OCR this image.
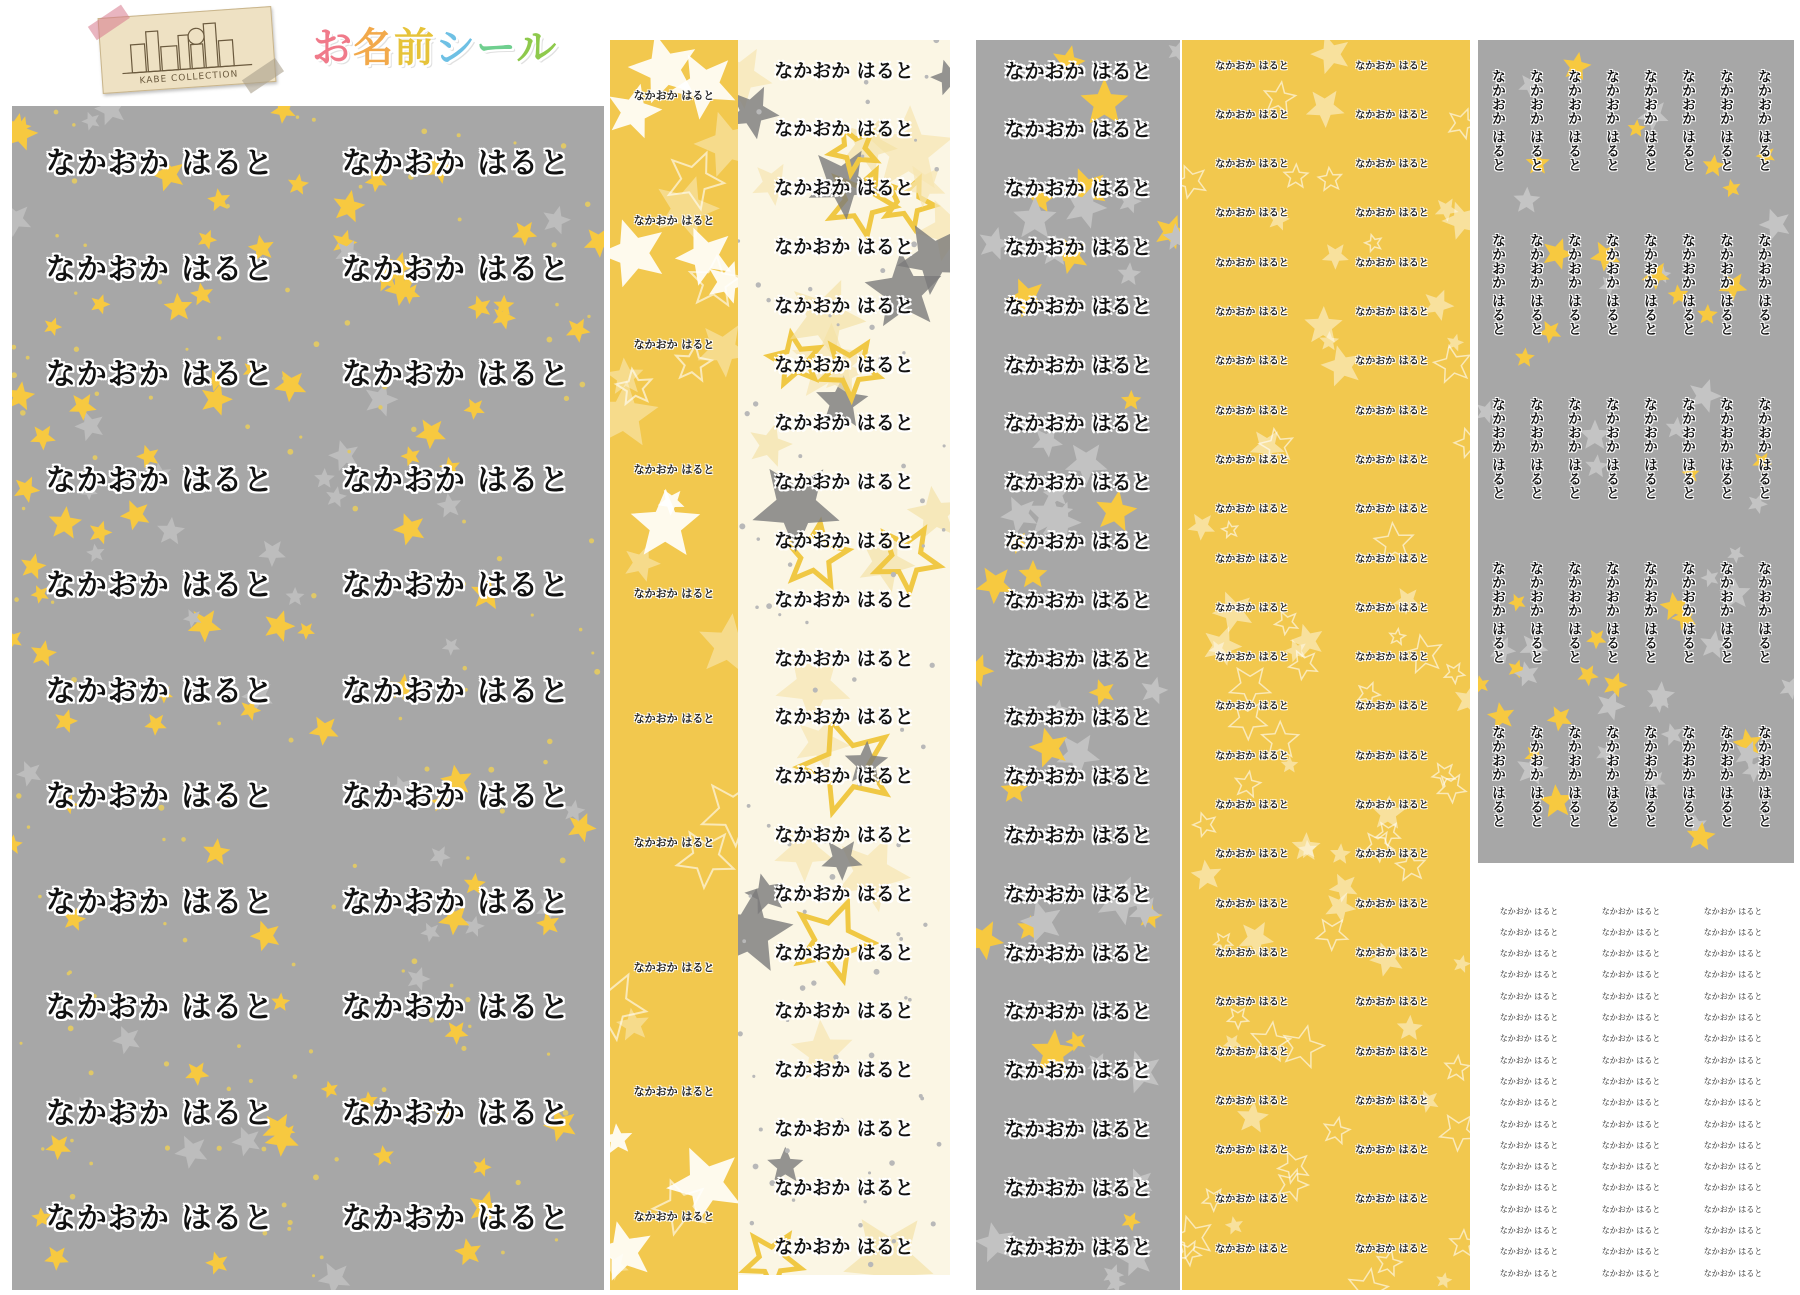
KABE COLLECTION
お名前シール
なかおか はると	なかおか はると
なかおか はると	なかおか はると
なかおか はると	なかおか はると
なかおか はると	なかおか はると
なかおか はると	なかおか はると
なかおか はると	なかおか はると
なかおか はると	なかおか はると
なかおか はると	なかおか はると
なかおか はると	なかおか はると
なかおか はると	なかおか はると
なかおか はると	なかおか はると
なかおか はると
なかおか はると
なかおか はると
なかおか はると
なかおか はると
なかおか はると
なかおか はると
なかおか はると
なかおか はると
なかおか はると
なかおか はると
なかおか はると
なかおか はると
なかおか はると
なかおか はると
なかおか はると
なかおか はると
なかおか はると
なかおか はると
なかおか はると
なかおか はると
なかおか はると
なかおか はると
なかおか はると
なかおか はると
なかおか はると
なかおか はると
なかおか はると
なかおか はると
なかおか はると
なかおか はると
なかおか はると
なかおか はると
なかおか はると
なかおか はると
なかおか はると
なかおか はると
なかおか はると
なかおか はると
なかおか はると
なかおか はると
なかおか はると
なかおか はると
なかおか はると
なかおか はると
なかおか はると
なかおか はると
なかおか はると
なかおか はると
なかおか はると
なかおか はると
なかおか はると
なかおか はると	なかおか はると
なかおか はると	なかおか はると
なかおか はると	なかおか はると
なかおか はると	なかおか はると
なかおか はると	なかおか はると
なかおか はると	なかおか はると
なかおか はると	なかおか はると
なかおか はると	なかおか はると
なかおか はると	なかおか はると
なかおか はると	なかおか はると
なかおか はると	なかおか はると
なかおか はると	なかおか はると
なかおか はると	なかおか はると
なかおか はると	なかおか はると
なかおか はると	なかおか はると
なかおか はると	なかおか はると
なかおか はると	なかおか はると
なかおか はると	なかおか はると
なかおか はると	なかおか はると
なかおか はると	なかおか はると
なかおか はると	なかおか はると
なかおか はると	なかおか はると
なかおか はると	なかおか はると
なかおか はると	なかおか はると
なかおか はると	なかおか はると
なかおか はると なかおか はると なかおか はると なかおか はると なかおか はると なかおか はると なかおか はると なかおか はると
なかおか はると なかおか はると なかおか はると なかおか はると なかおか はると なかおか はると なかおか はると なかおか はると
なかおか はると なかおか はると なかおか はると なかおか はると なかおか はると なかおか はると なかおか はると なかおか はると
なかおか はると なかおか はると なかおか はると なかおか はると なかおか はると なかおか はると なかおか はると なかおか はると
なかおか はると なかおか はると なかおか はると なかおか はると なかおか はると なかおか はると なかおか はると なかおか はると
なかおか はると	なかおか はると	なかおか はると
なかおか はると	なかおか はると	なかおか はると
なかおか はると	なかおか はると	なかおか はると
なかおか はると	なかおか はると	なかおか はると
なかおか はると	なかおか はると	なかおか はると
なかおか はると	なかおか はると	なかおか はると
なかおか はると	なかおか はると	なかおか はると
なかおか はると	なかおか はると	なかおか はると
なかおか はると	なかおか はると	なかおか はると
なかおか はると	なかおか はると	なかおか はると
なかおか はると	なかおか はると	なかおか はると
なかおか はると	なかおか はると	なかおか はると
なかおか はると	なかおか はると	なかおか はると
なかおか はると	なかおか はると	なかおか はると
なかおか はると	なかおか はると	なかおか はると
なかおか はると	なかおか はると	なかおか はると
なかおか はると	なかおか はると	なかおか はると
なかおか はると	なかおか はると	なかおか はると
